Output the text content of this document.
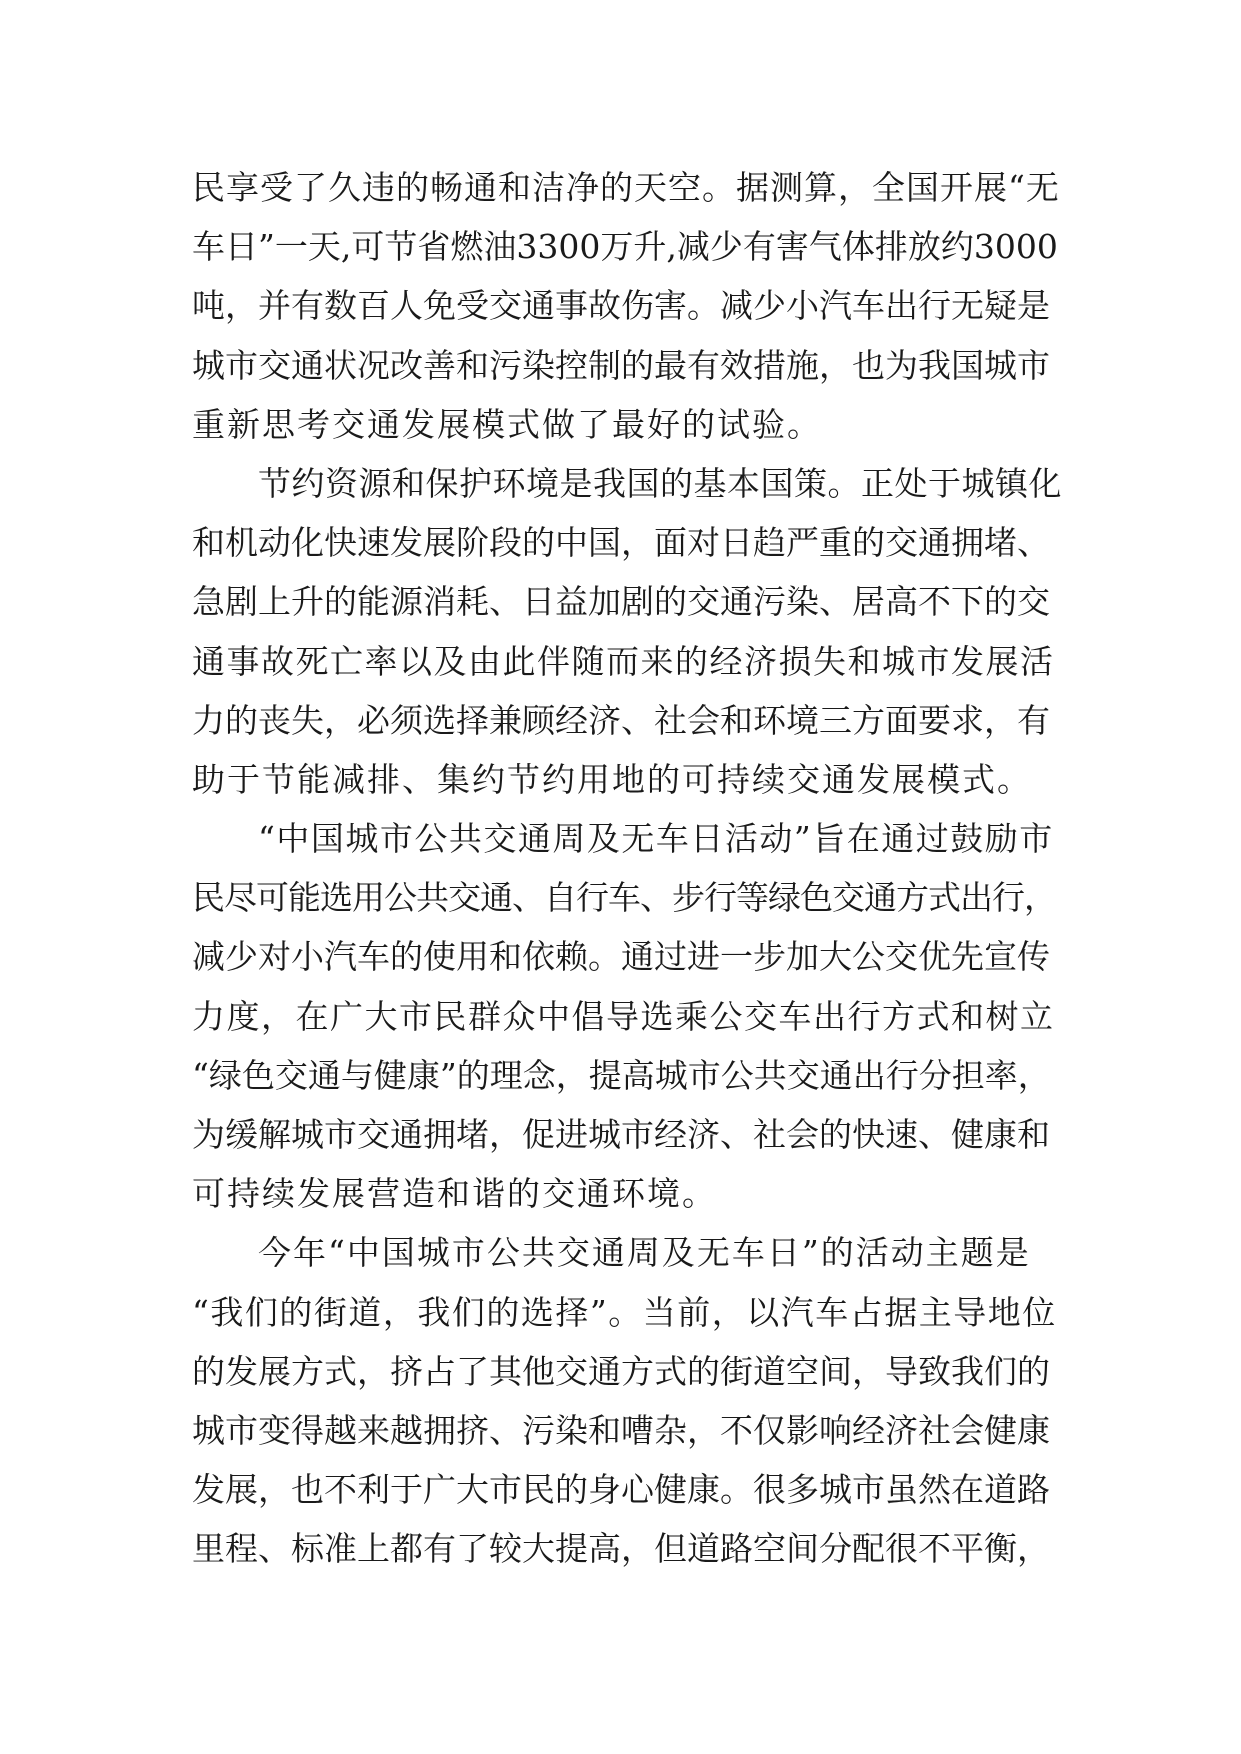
民享受了久违的畅通和洁净的天空。据测算，全国开展“无
车日”一天,可节省燃油3300万升,减少有害气体排放约3000
吨，并有数百人免受交通事故伤害。减少小汽车出行无疑是
城市交通状况改善和污染控制的最有效措施，也为我国城市
重新思考交通发展模式做了最好的试验。
节约资源和保护环境是我国的基本国策。正处于城镇化
和机动化快速发展阶段的中国，面对日趋严重的交通拥堵、
急剧上升的能源消耗、日益加剧的交通污染、居高不下的交
通事故死亡率以及由此伴随而来的经济损失和城市发展活
力的丧失，必须选择兼顾经济、社会和环境三方面要求，有
助于节能减排、集约节约用地的可持续交通发展模式。
“中国城市公共交通周及无车日活动”旨在通过鼓励市
民尽可能选用公共交通、自行车、步行等绿色交通方式出行，
减少对小汽车的使用和依赖。通过进一步加大公交优先宣传
力度，在广大市民群众中倡导选乘公交车出行方式和树立
“绿色交通与健康”的理念，提高城市公共交通出行分担率，
为缓解城市交通拥堵，促进城市经济、社会的快速、健康和
可持续发展营造和谐的交通环境。
今年“中国城市公共交通周及无车日”的活动主题是
“我们的街道，我们的选择”。当前，以汽车占据主导地位
的发展方式，挤占了其他交通方式的街道空间，导致我们的
城市变得越来越拥挤、污染和嘈杂，不仅影响经济社会健康
发展，也不利于广大市民的身心健康。很多城市虽然在道路
里程、标准上都有了较大提高，但道路空间分配很不平衡，
